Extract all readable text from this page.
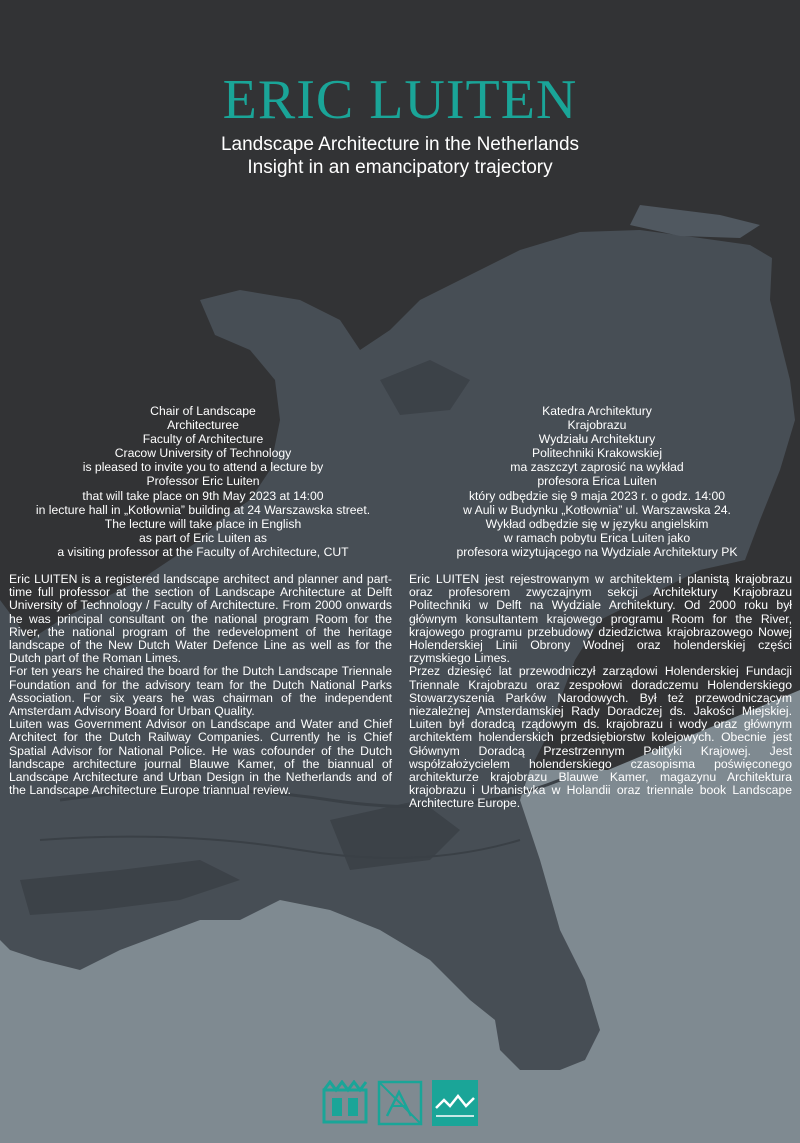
ERIC LUITEN
Landscape Architecture in the Netherlands
Insight in an emancipatory trajectory
Chair of Landscape
Architecturee
Faculty of Architecture
Cracow University of Technology
is pleased to invite you to attend a lecture by
Professor Eric Luiten
that will take place on 9th May 2023 at 14:00
in lecture hall in „Kotłownia” building at 24 Warszawska street.
The lecture will take place in English
as part of Eric Luiten as
a visiting professor at the Faculty of Architecture, CUT
Katedra Architektury
Krajobrazu
Wydziału Architektury
Politechniki Krakowskiej
ma zaszczyt zaprosić na wykład
profesora Erica Luiten
który odbędzie się 9 maja 2023 r. o godz. 14:00
w Auli w Budynku „Kotłownia” ul. Warszawska 24.
Wykład odbędzie się w języku angielskim
w ramach pobytu Erica Luiten jako
profesora wizytującego na Wydziale Architektury PK

Eric LUITEN is a registered landscape architect and planner and part-time full professor at the section of Landscape Architecture at Delft University of Technology / Faculty of Architecture. From 2000 onwards he was principal consultant on the national program Room for the River, the national program of the redevelopment of the heritage landscape of the New Dutch Water Defence Line as well as for the Dutch part of the Roman Limes.

For ten years he chaired the board for the Dutch Landscape Triennale Foundation and for the advisory team for the Dutch National Parks Association. For six years he was chairman of the independent Amsterdam Advisory Board for Urban Quality.

Luiten was Government Advisor on Landscape and Water and Chief Architect for the Dutch Railway Companies. Currently he is Chief Spatial Advisor for National Police. He was cofounder of the Dutch landscape architecture journal Blauwe Kamer, of the biannual of Landscape Architecture and Urban Design in the Netherlands and of the Landscape Architecture Europe triannual review.

Eric LUITEN jest rejestrowanym w architektem i planistą krajobrazu oraz profesorem zwyczajnym sekcji Architektury Krajobrazu Politechniki w Delft na Wydziale Architektury. Od 2000 roku był głównym konsultantem krajowego programu Room for the River, krajowego programu przebudowy dziedzictwa krajobrazowego Nowej Holenderskiej Linii Obrony Wodnej oraz holenderskiej części rzymskiego Limes.

Przez dziesięć lat przewodniczył zarządowi Holenderskiej Fundacji Triennale Krajobrazu oraz zespołowi doradczemu Holenderskiego Stowarzyszenia Parków Narodowych. Był też przewodniczącym niezależnej Amsterdamskiej Rady Doradczej ds. Jakości Miejskiej. Luiten był doradcą rządowym ds. krajobrazu i wody oraz głównym architektem holenderskich przedsiębiorstw kolejowych. Obecnie jest Głównym Doradcą Przestrzennym Polityki Krajowej. Jest współzałożycielem holenderskiego czasopisma poświęconego architekturze krajobrazu Blauwe Kamer, magazynu Architektura krajobrazu i Urbanistyka w Holandii oraz triennale book Landscape Architecture Europe.
